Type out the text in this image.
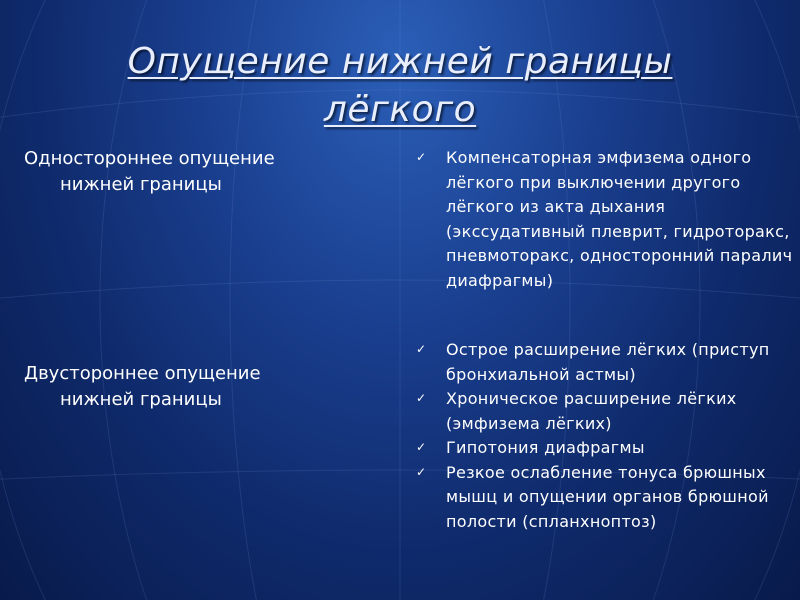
Опущение нижней границы
лёгкого
Одностороннее опущение
нижней границы
Двустороннее опущение
нижней границы
✓ Компенсаторная эмфизема одного лёгкого при выключении другого лёгкого из акта дыхания (экссудативный плеврит, гидроторакс, пневмоторакс, односторонний паралич диафрагмы)
✓ Острое расширение лёгких (приступ бронхиальной астмы)
✓ Хроническое расширение лёгких (эмфизема лёгких)
✓ Гипотония диафрагмы
✓ Резкое ослабление тонуса брюшных мышц и опущении органов брюшной полости (спланхноптоз)
